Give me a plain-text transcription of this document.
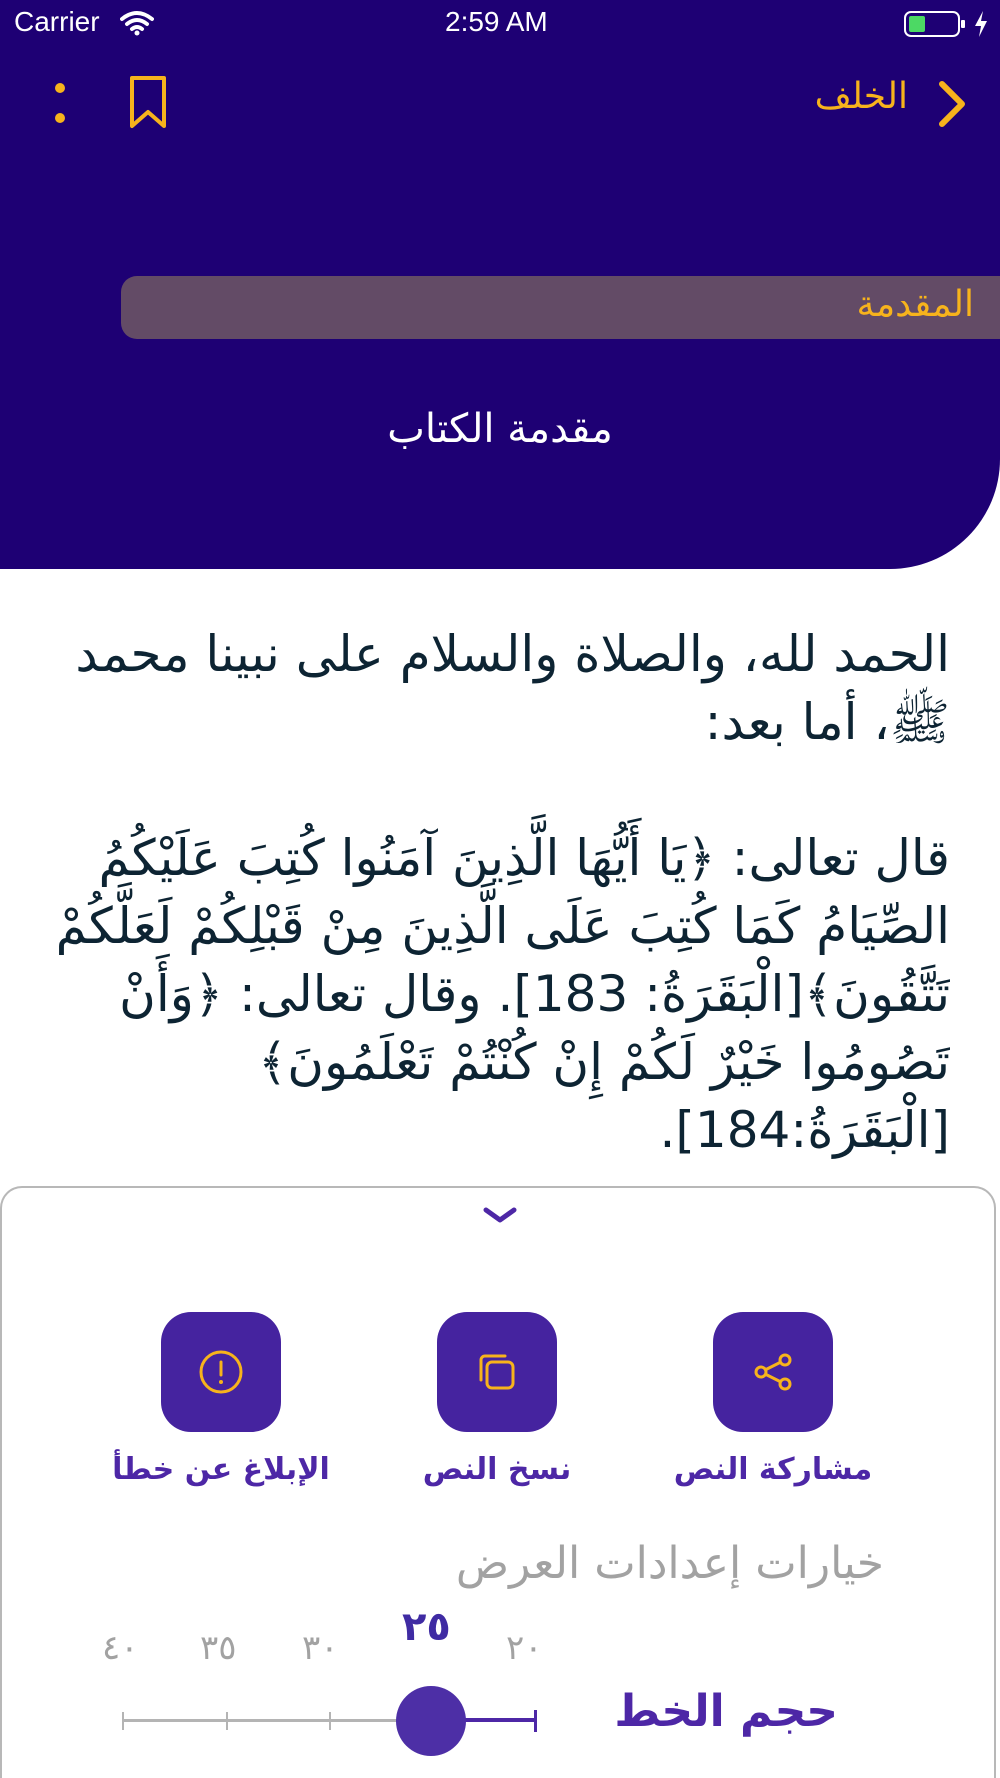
Carrier	2:59 AM
الخلف
المقدمة
مقدمة الكتاب

الحمد لله، والصلاة والسلام على نبينا محمد ﷺ، أما بعد:

قال تعالى: ﴿يَا أَيُّهَا الَّذِينَ آمَنُوا كُتِبَ عَلَيْكُمُ الصِّيَامُ كَمَا كُتِبَ عَلَى الَّذِينَ مِنْ قَبْلِكُمْ لَعَلَّكُمْ تَتَّقُونَ﴾[الْبَقَرَةُ: 183]. وقال تعالى: ﴿وَأَنْ تَصُومُوا خَيْرٌ لَكُمْ إِنْ كُنْتُمْ تَعْلَمُونَ﴾[الْبَقَرَةُ:184].

مشاركة النص
نسخ النص
الإبلاغ عن خطأ
خيارات إعدادات العرض
٢٥ ٢٠
٣٠
٣٥
٤٠
حجم الخط
